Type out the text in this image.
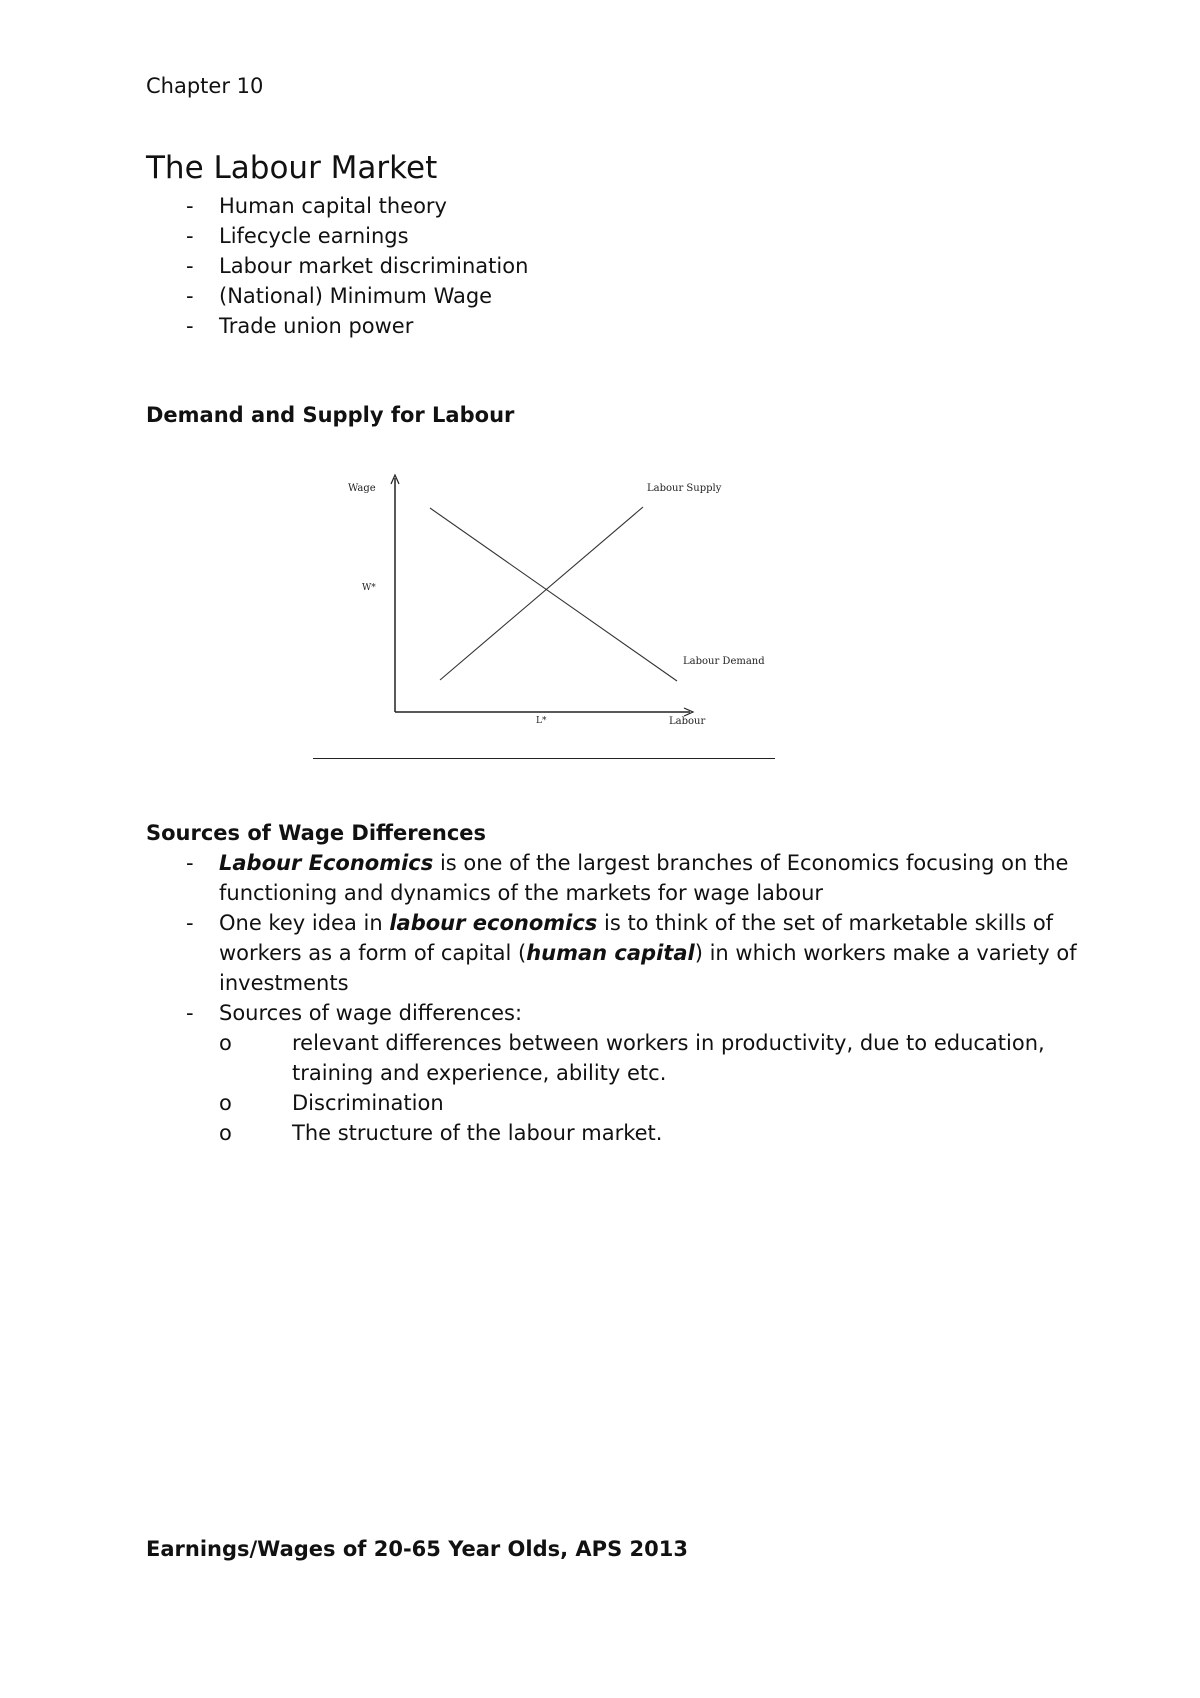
Chapter 10
The Labour Market
- Human capital theory
- Lifecycle earnings
- Labour market discrimination
- (National) Minimum Wage
- Trade union power
Demand and Supply for Labour
Wage
W*
Labour Supply
Labour Demand
L*	Labour
Sources of Wage Differences
- Labour Economics is one of the largest branches of Economics focusing on the functioning and dynamics of the markets for wage labour
- One key idea in labour economics is to think of the set of marketable skills of workers as a form of capital (human capital) in which workers make a variety of investments
- Sources of wage differences:
o	relevant differences between workers in productivity, due to education, training and experience, ability etc.
o	Discrimination
o	The structure of the labour market.
Earnings/Wages of 20-65 Year Olds, APS 2013
